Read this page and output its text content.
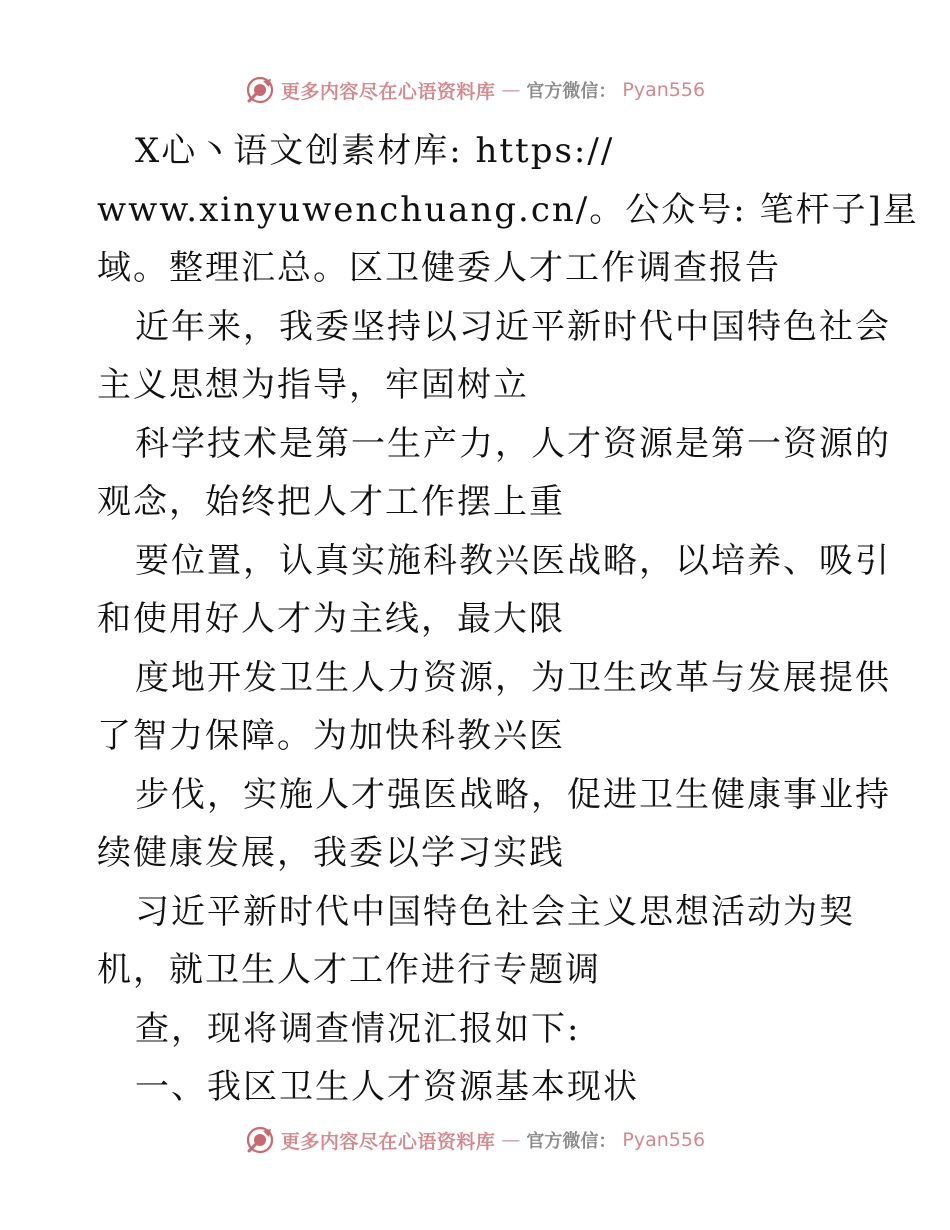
更多内容尽在心语资料库 — 官方微信： Pyan556
X心丶语文创素材库: https://
www.xinyuwenchuang.cn/。公众号: 笔杆子]星
域。整理汇总。区卫健委人才工作调查报告
近年来，我委坚持以习近平新时代中国特色社会
主义思想为指导，牢固树立
科学技术是第一生产力，人才资源是第一资源的
观念，始终把人才工作摆上重
要位置，认真实施科教兴医战略，以培养、吸引
和使用好人才为主线，最大限
度地开发卫生人力资源，为卫生改革与发展提供
了智力保障。为加快科教兴医
步伐，实施人才强医战略，促进卫生健康事业持
续健康发展，我委以学习实践
习近平新时代中国特色社会主义思想活动为契
机，就卫生人才工作进行专题调
查，现将调查情况汇报如下:
一、我区卫生人才资源基本现状
更多内容尽在心语资料库 — 官方微信： Pyan556
